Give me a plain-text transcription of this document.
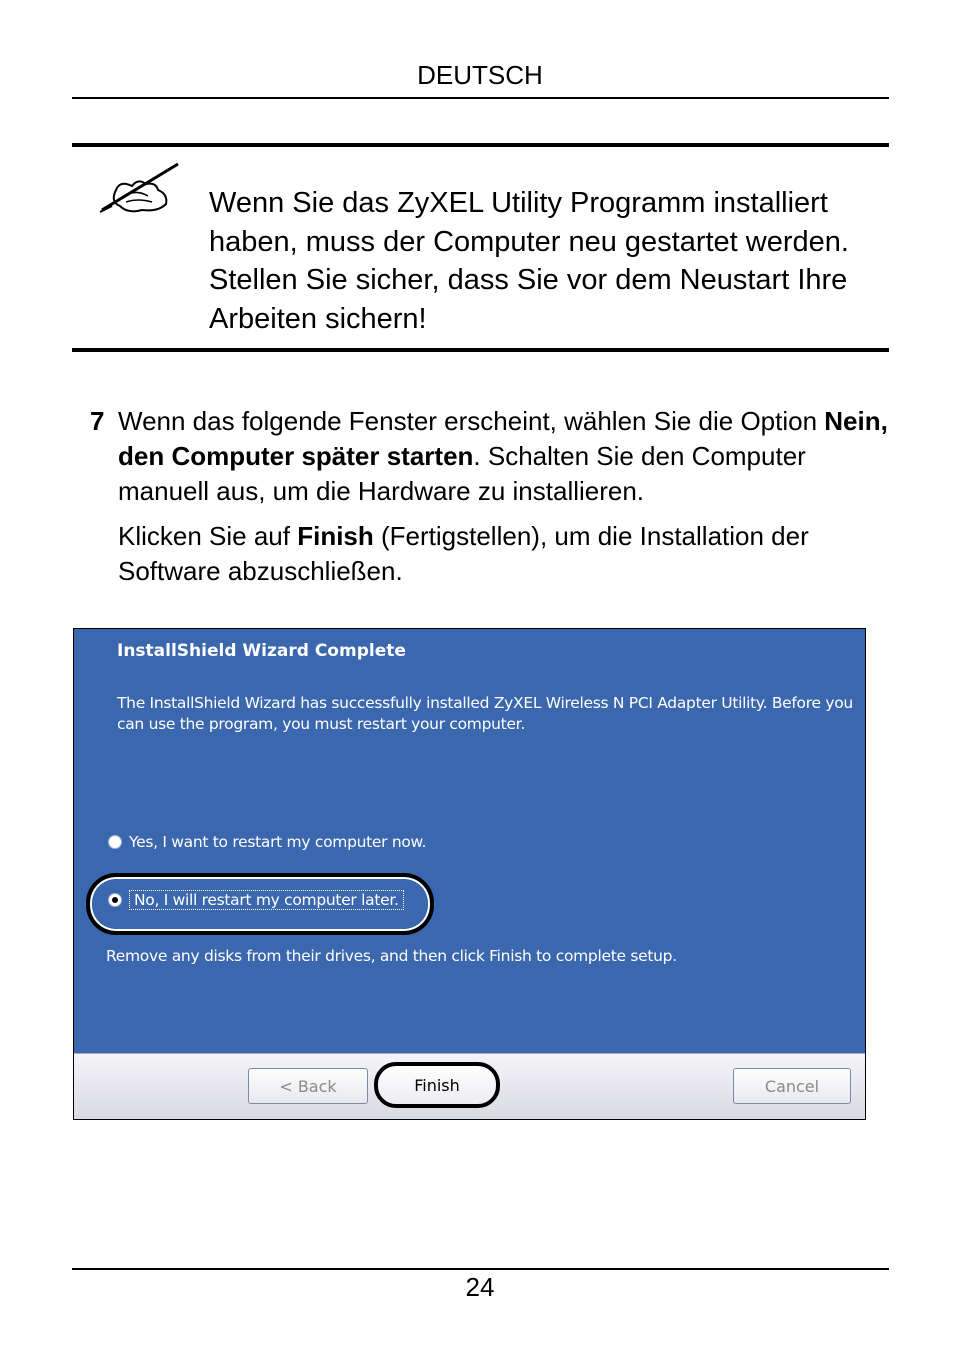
DEUTSCH
Wenn Sie das ZyXEL Utility Programm installiert haben, muss der Computer neu gestartet werden. Stellen Sie sicher, dass Sie vor dem Neustart Ihre Arbeiten sichern!
7 Wenn das folgende Fenster erscheint, wählen Sie die Option Nein, den Computer später starten. Schalten Sie den Computer manuell aus, um die Hardware zu installieren.

Klicken Sie auf Finish (Fertigstellen), um die Installation der Software abzuschließen.

InstallShield Wizard Complete
The InstallShield Wizard has successfully installed ZyXEL Wireless N PCI Adapter Utility. Before you can use the program, you must restart your computer.
Yes, I want to restart my computer now.
No, I will restart my computer later.
Remove any disks from their drives, and then click Finish to complete setup.
< Back	Finish	Cancel
24
